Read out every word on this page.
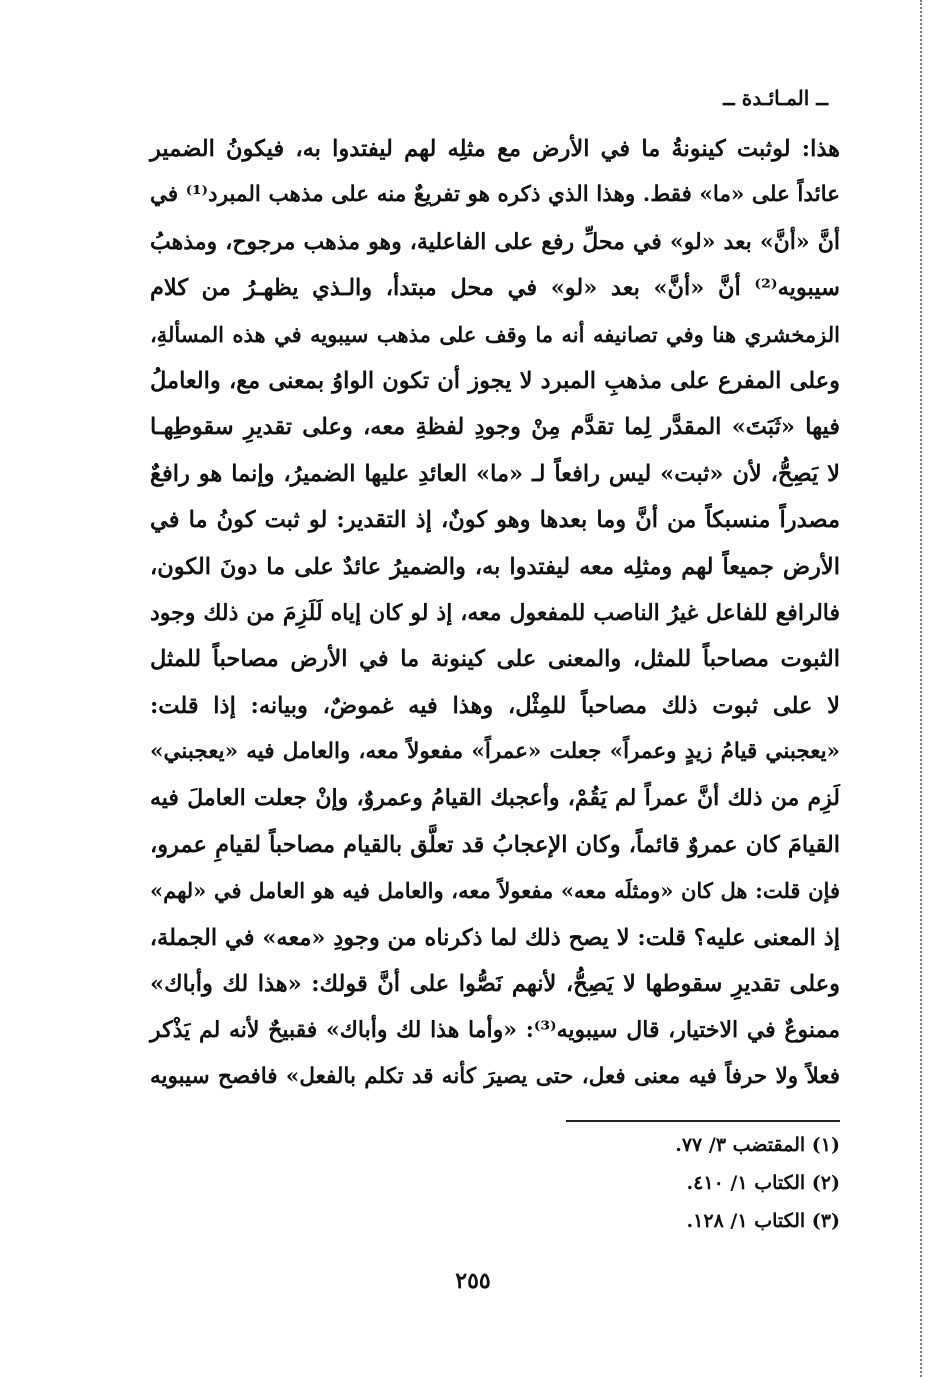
ــ المـائـدة ــ
هذا: لوثبت كينونةُ ما في الأرض مع مثلِه لهم ليفتدوا به، فيكونُ الضمير
عائداً على «ما» فقط. وهذا الذي ذكره هو تفريعٌ منه على مذهب المبرد⁽¹⁾ في
أنَّ «أنَّ» بعد «لو» في محلِّ رفع على الفاعلية، وهو مذهب مرجوح، ومذهبُ
سيبويه⁽²⁾ أنَّ «أنَّ» بعد «لو» في محل مبتدأ، والـذي يظهـرُ من كلام
الزمخشري هنا وفي تصانيفه أنه ما وقف على مذهب سيبويه في هذه المسألةِ،
وعلى المفرع على مذهبِ المبرد لا يجوز أن تكون الواوُ بمعنى مع، والعاملُ
فيها «ثَبَتَ» المقدَّر لِما تقدَّم مِنْ وجودِ لفظةِ معه، وعلى تقديرِ سقوطِهـا
لا يَصِحُّ، لأن «ثبت» ليس رافعاً لـ «ما» العائدِ عليها الضميرُ، وإنما هو رافعٌ
مصدراً منسبكاً من أنَّ وما بعدها وهو كونٌ، إذ التقدير: لو ثبت كونُ ما في
الأرض جميعاً لهم ومثلِه معه ليفتدوا به، والضميرُ عائدٌ على ما دونَ الكون،
فالرافع للفاعل غيرُ الناصب للمفعول معه، إذ لو كان إياه لَلَزِمَ من ذلك وجود
الثبوت مصاحباً للمثل، والمعنى على كينونة ما في الأرض مصاحباً للمثل
لا على ثبوت ذلك مصاحباً للمِثْل، وهذا فيه غموضٌ، وبيانه: إذا قلت:
«يعجبني قيامُ زيدٍ وعمراً» جعلت «عمراً» مفعولاً معه، والعامل فيه «يعجبني»
لَزِم من ذلك أنَّ عمراً لم يَقُمْ، وأعجبك القيامُ وعمروٌ، وإنْ جعلت العاملَ فيه
القيامَ كان عمروٌ قائماً، وكان الإعجابُ قد تعلَّق بالقيام مصاحباً لقيامِ عمرو،
فإن قلت: هل كان «ومثلَه معه» مفعولاً معه، والعامل فيه هو العامل في «لهم»
إذ المعنى عليه؟ قلت: لا يصح ذلك لما ذكرناه من وجودِ «معه» في الجملة،
وعلى تقديرِ سقوطها لا يَصِحُّ، لأنهم نَصُّوا على أنَّ قولك: «هذا لك وأباك»
ممنوعٌ في الاختيار، قال سيبويه⁽³⁾: «وأما هذا لك وأباك» فقبيحٌ لأنه لم يَذْكر
فعلاً ولا حرفاً فيه معنى فعل، حتى يصيرَ كأنه قد تكلم بالفعل» فافصح سيبويه
(١) المقتضب ٣/ ٧٧.
(٢) الكتاب ١/ ٤١٠.
(٣) الكتاب ١/ ١٢٨.
٢٥٥
